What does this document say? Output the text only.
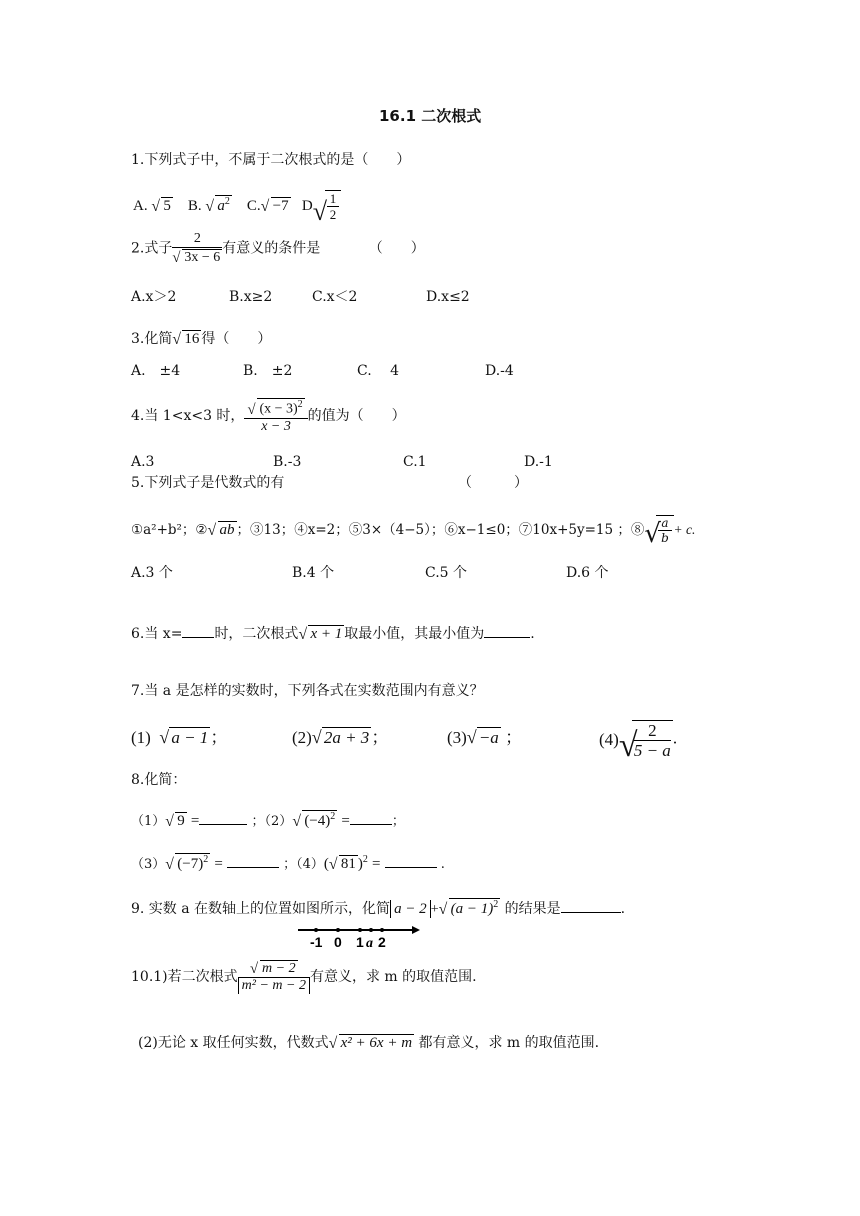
16.1 二次根式
1.下列式子中，不属于二次根式的是（　　）
A. √ 5 B. √ $a^2$ C. √ −7 D √ $\frac{1}{2}$
2.式子 $\frac{2}{√ 3x - 6}$ 有意义的条件是	（　　）
A.x＞2	B.x≥2	C.x＜2	D.x≤2
3.化简 √ 16 得（　　）
A.　±4	B.　±2	C.　 4	D.-4
4.当 1<x<3 时， $\frac{√ (x - 3)^2}{x - 3}$ 的值为（　　）
A.3	B.-3	C.1	D.-1
5.下列式子是代数式的有	（　　　）
①a²+b²；② √ ab ；③13；④x=2；⑤3×（4−5）；⑥x−1≤0；⑦10x+5y=15 ；⑧ √
$\frac{a}{b} + c$.
A.3 个	B.4 个	C.5 个	D.6 个
6.当 x= 时，二次根式 √ x + 1 取最小值，其最小值为	.
7.当 a 是怎样的实数时，下列各式在实数范围内有意义？
(1) √ a − 1 ；	(2) √ 2a + 3 ；	(3) √ −a ；	(4) √
$\frac{2}{5 - a}$ .
8.化简：
（1） √ 9 =	；（2） √ $(-4)^2$ =	；
（3） √ $(-7)^2$ =	；（4）( √ 81 )$^2$ =	.
9. 实数 a 在数轴上的位置如图所示，化简 a − 2 + √ $(a - 1)^2$ 的结果是	.
-1 0 1 a 2
10.1)若二次根式 $\frac{√ m - 2}{\text{m² − m − 2}}$ 有意义，求 m 的取值范围.
(2)无论 x 取任何实数，代数式 √ x² + 6x + m 都有意义，求 m 的取值范围.
